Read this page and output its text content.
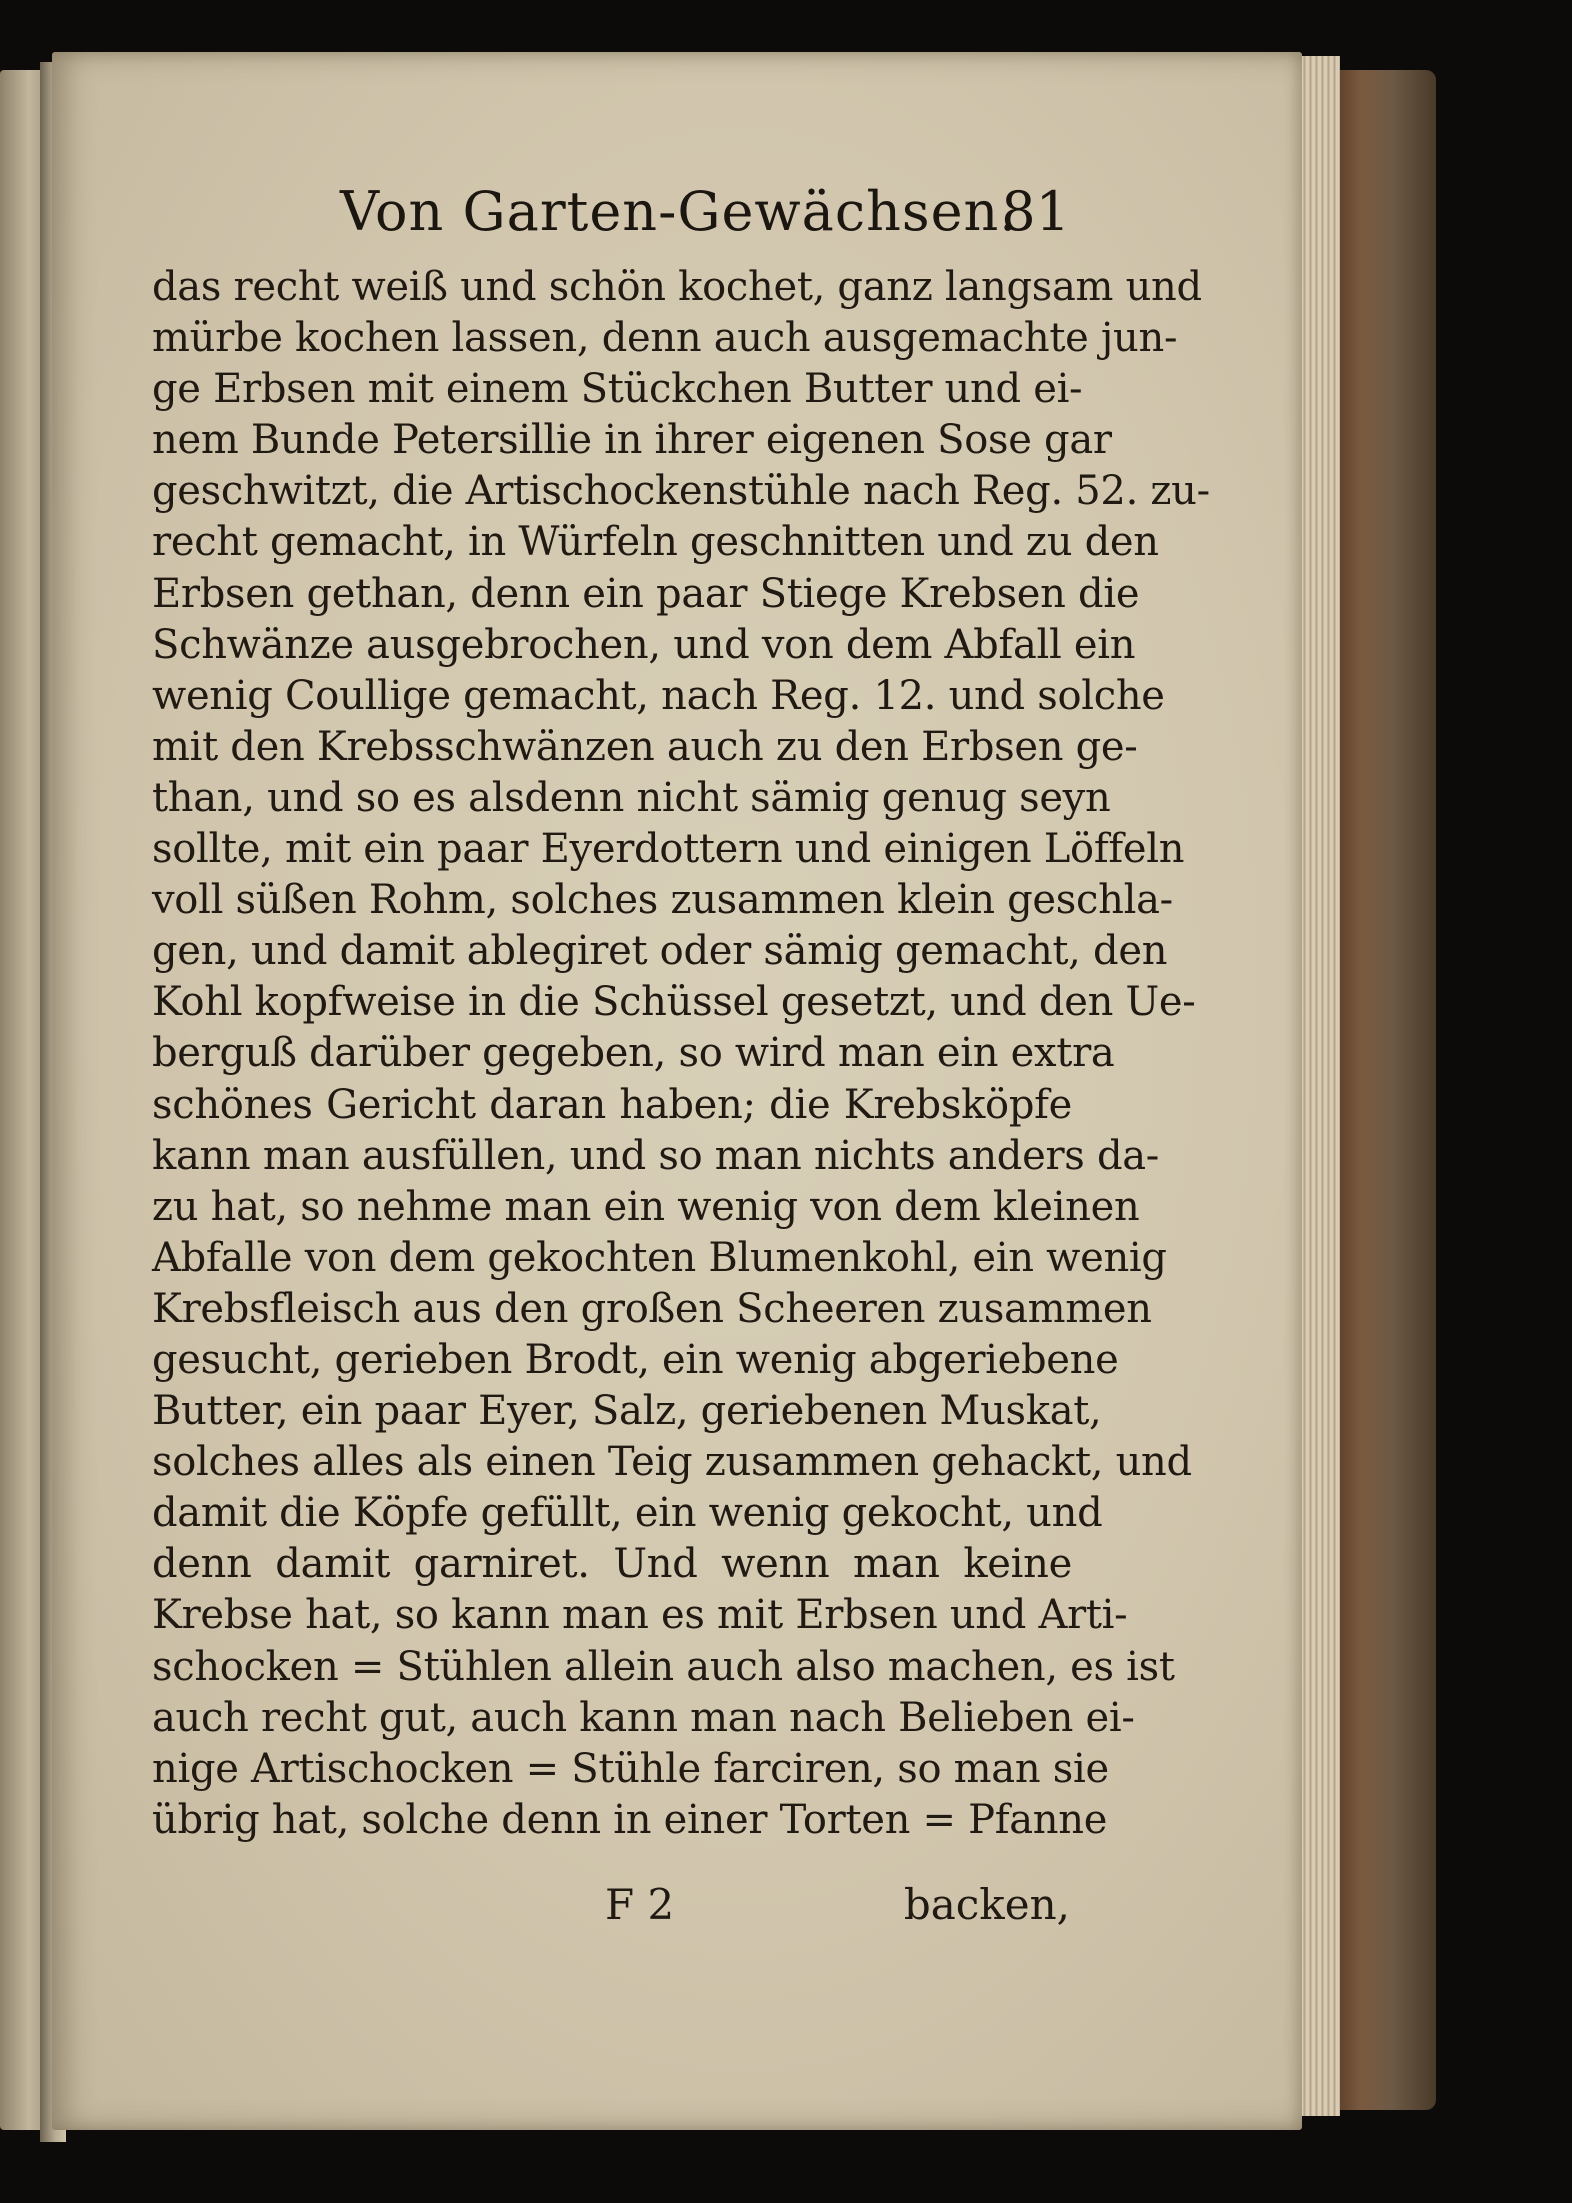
Von Garten-Gewächsen.
81
das recht weiß und schön kochet, ganz langsam und
mürbe kochen lassen, denn auch ausgemachte jun-
ge Erbsen mit einem Stückchen Butter und ei-
nem Bunde Petersillie in ihrer eigenen Sose gar
geschwitzt, die Artischockenstühle nach Reg. 52. zu-
recht gemacht, in Würfeln geschnitten und zu den
Erbsen gethan, denn ein paar Stiege Krebsen die
Schwänze ausgebrochen, und von dem Abfall ein
wenig Coullige gemacht, nach Reg. 12. und solche
mit den Krebsschwänzen auch zu den Erbsen ge-
than, und so es alsdenn nicht sämig genug seyn
sollte, mit ein paar Eyerdottern und einigen Löffeln
voll süßen Rohm, solches zusammen klein geschla-
gen, und damit ablegiret oder sämig gemacht, den
Kohl kopfweise in die Schüssel gesetzt, und den Ue-
berguß darüber gegeben, so wird man ein extra
schönes Gericht daran haben; die Krebsköpfe
kann man ausfüllen, und so man nichts anders da-
zu hat, so nehme man ein wenig von dem kleinen
Abfalle von dem gekochten Blumenkohl, ein wenig
Krebsfleisch aus den großen Scheeren zusammen
gesucht, gerieben Brodt, ein wenig abgeriebene
Butter, ein paar Eyer, Salz, geriebenen Muskat,
solches alles als einen Teig zusammen gehackt, und
damit die Köpfe gefüllt, ein wenig gekocht, und
denn damit garniret. Und wenn man keine
Krebse hat, so kann man es mit Erbsen und Arti-
schocken = Stühlen allein auch also machen, es ist
auch recht gut, auch kann man nach Belieben ei-
nige Artischocken = Stühle farciren, so man sie
übrig hat, solche denn in einer Torten = Pfanne
F 2	backen,
